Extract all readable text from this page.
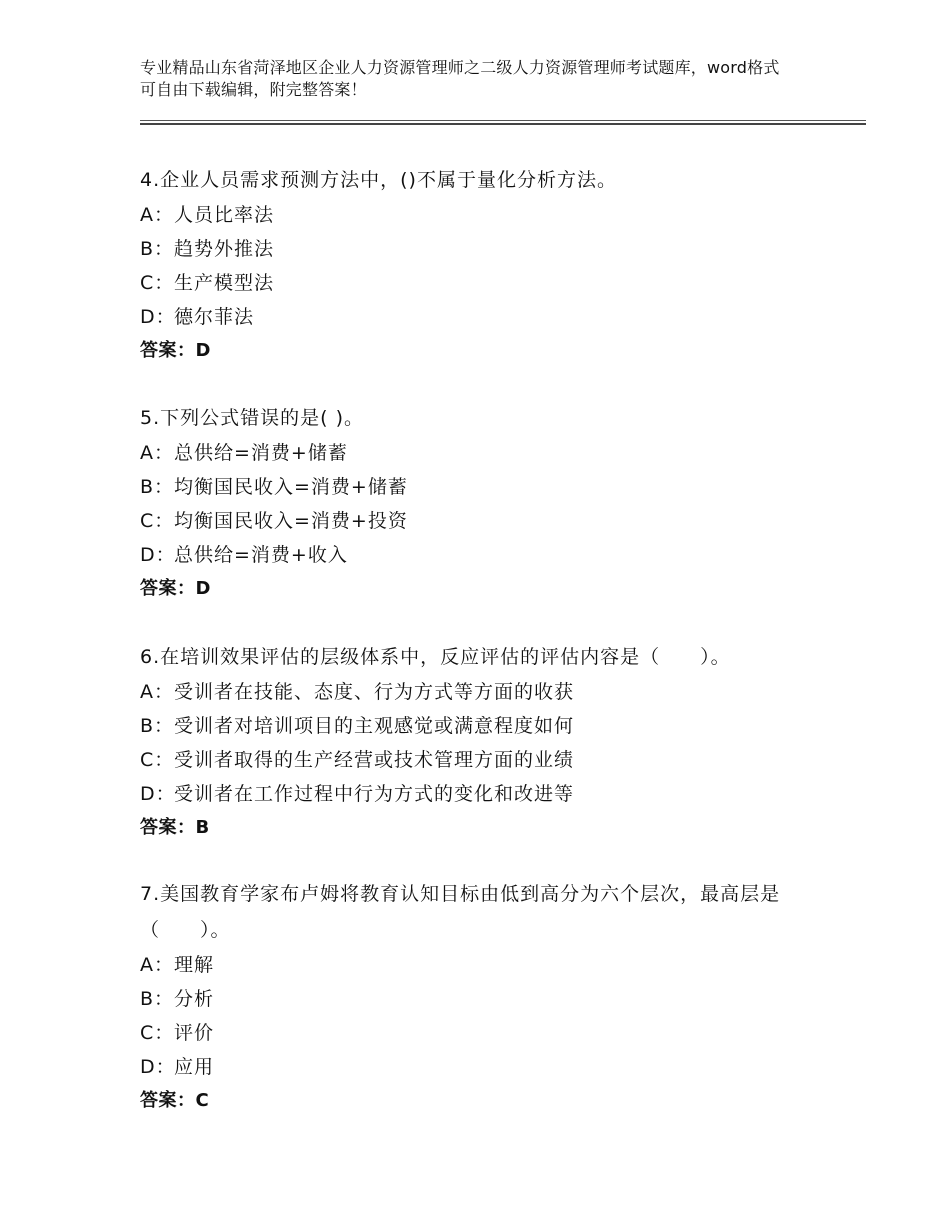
专业精品山东省菏泽地区企业人力资源管理师之二级人力资源管理师考试题库，word格式可自由下载编辑，附完整答案！

4.企业人员需求预测方法中，()不属于量化分析方法。

A：人员比率法
B：趋势外推法
C：生产模型法
D：德尔菲法
答案：D

5.下列公式错误的是( )。

A：总供给=消费+储蓄
B：均衡国民收入=消费+储蓄
C：均衡国民收入=消费+投资
D：总供给=消费+收入
答案：D

6.在培训效果评估的层级体系中，反应评估的评估内容是（　　）。

A：受训者在技能、态度、行为方式等方面的收获
B：受训者对培训项目的主观感觉或满意程度如何
C：受训者取得的生产经营或技术管理方面的业绩
D：受训者在工作过程中行为方式的变化和改进等
答案：B

7.美国教育学家布卢姆将教育认知目标由低到高分为六个层次，最高层是（　　）。

A：理解
B：分析
C：评价
D：应用
答案：C
